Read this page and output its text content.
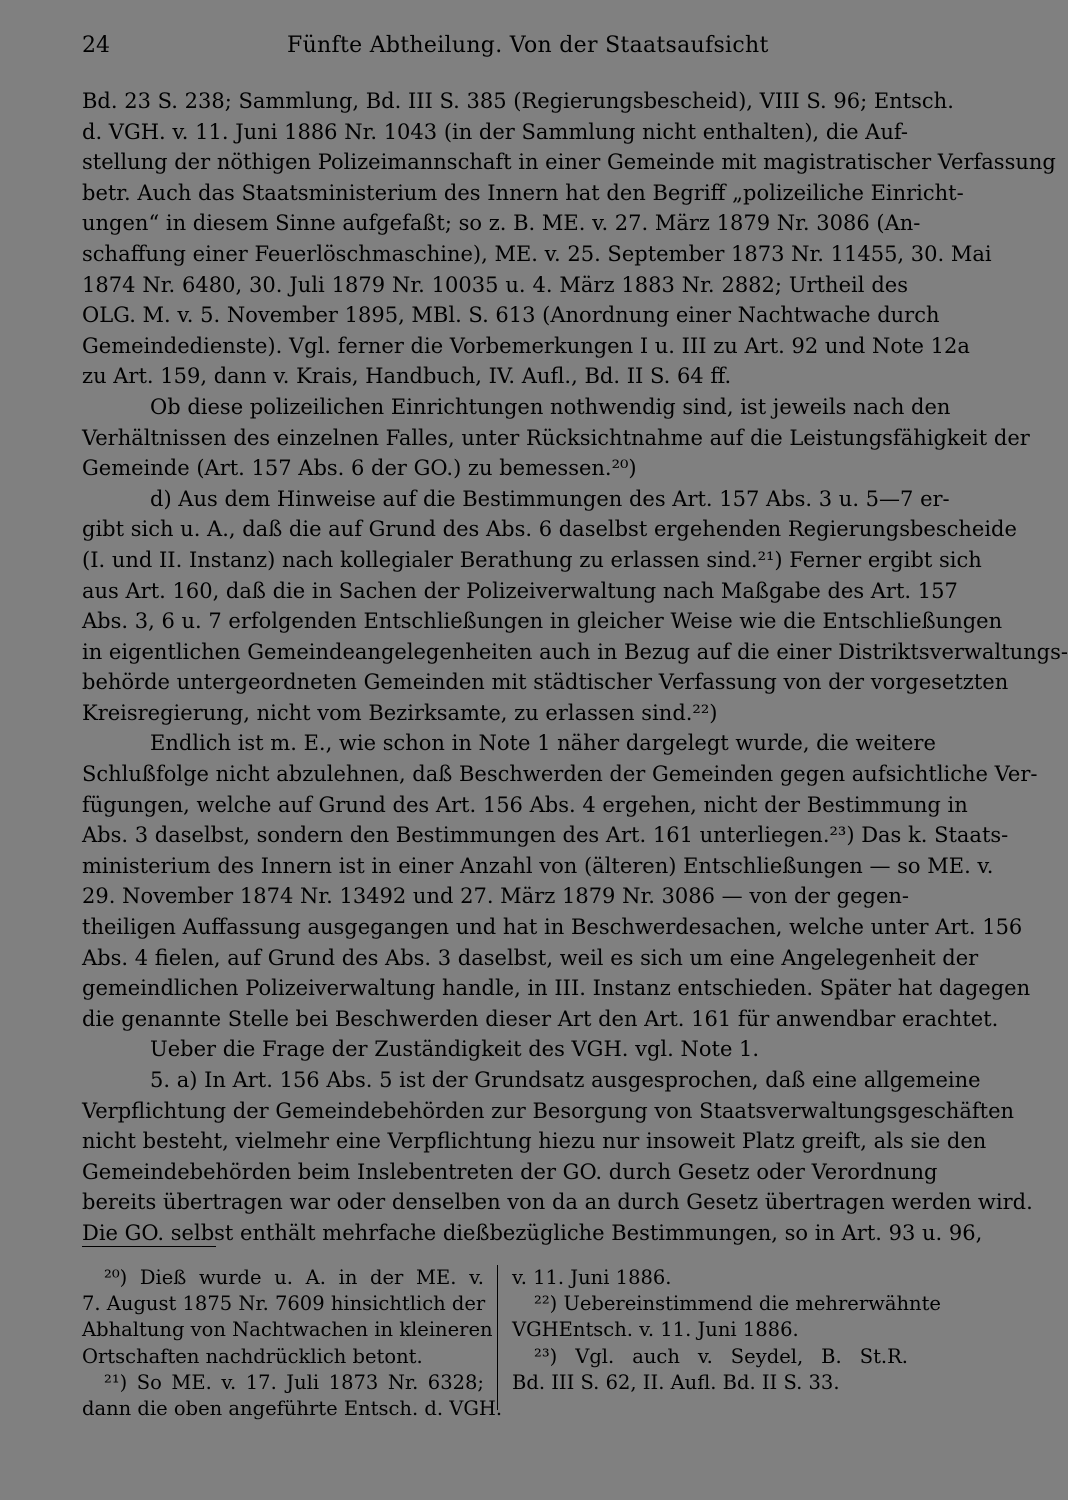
24	Fünfte Abtheilung. Von der Staatsaufsicht
Bd. 23 S. 238; Sammlung, Bd. III S. 385 (Regierungsbescheid), VIII S. 96; Entsch.
d. VGH. v. 11. Juni 1886 Nr. 1043 (in der Sammlung nicht enthalten), die Auf-
stellung der nöthigen Polizeimannschaft in einer Gemeinde mit magistratischer Verfassung
betr. Auch das Staatsministerium des Innern hat den Begriff „polizeiliche Einricht-
ungen“ in diesem Sinne aufgefaßt; so z. B. ME. v. 27. März 1879 Nr. 3086 (An-
schaffung einer Feuerlöschmaschine), ME. v. 25. September 1873 Nr. 11455, 30. Mai
1874 Nr. 6480, 30. Juli 1879 Nr. 10035 u. 4. März 1883 Nr. 2882; Urtheil des
OLG. M. v. 5. November 1895, MBl. S. 613 (Anordnung einer Nachtwache durch
Gemeindedienste). Vgl. ferner die Vorbemerkungen I u. III zu Art. 92 und Note 12a
zu Art. 159, dann v. Krais, Handbuch, IV. Aufl., Bd. II S. 64 ff.
Ob diese polizeilichen Einrichtungen nothwendig sind, ist jeweils nach den
Verhältnissen des einzelnen Falles, unter Rücksichtnahme auf die Leistungsfähigkeit der
Gemeinde (Art. 157 Abs. 6 der GO.) zu bemessen.²⁰)
d) Aus dem Hinweise auf die Bestimmungen des Art. 157 Abs. 3 u. 5—7 er-
gibt sich u. A., daß die auf Grund des Abs. 6 daselbst ergehenden Regierungsbescheide
(I. und II. Instanz) nach kollegialer Berathung zu erlassen sind.²¹) Ferner ergibt sich
aus Art. 160, daß die in Sachen der Polizeiverwaltung nach Maßgabe des Art. 157
Abs. 3, 6 u. 7 erfolgenden Entschließungen in gleicher Weise wie die Entschließungen
in eigentlichen Gemeindeangelegenheiten auch in Bezug auf die einer Distriktsverwaltungs-
behörde untergeordneten Gemeinden mit städtischer Verfassung von der vorgesetzten
Kreisregierung, nicht vom Bezirksamte, zu erlassen sind.²²)
Endlich ist m. E., wie schon in Note 1 näher dargelegt wurde, die weitere
Schlußfolge nicht abzulehnen, daß Beschwerden der Gemeinden gegen aufsichtliche Ver-
fügungen, welche auf Grund des Art. 156 Abs. 4 ergehen, nicht der Bestimmung in
Abs. 3 daselbst, sondern den Bestimmungen des Art. 161 unterliegen.²³) Das k. Staats-
ministerium des Innern ist in einer Anzahl von (älteren) Entschließungen — so ME. v.
29. November 1874 Nr. 13492 und 27. März 1879 Nr. 3086 — von der gegen-
theiligen Auffassung ausgegangen und hat in Beschwerdesachen, welche unter Art. 156
Abs. 4 fielen, auf Grund des Abs. 3 daselbst, weil es sich um eine Angelegenheit der
gemeindlichen Polizeiverwaltung handle, in III. Instanz entschieden. Später hat dagegen
die genannte Stelle bei Beschwerden dieser Art den Art. 161 für anwendbar erachtet.
Ueber die Frage der Zuständigkeit des VGH. vgl. Note 1.
5. a) In Art. 156 Abs. 5 ist der Grundsatz ausgesprochen, daß eine allgemeine
Verpflichtung der Gemeindebehörden zur Besorgung von Staatsverwaltungsgeschäften
nicht besteht, vielmehr eine Verpflichtung hiezu nur insoweit Platz greift, als sie den
Gemeindebehörden beim Inslebentreten der GO. durch Gesetz oder Verordnung
bereits übertragen war oder denselben von da an durch Gesetz übertragen werden wird.
Die GO. selbst enthält mehrfache dießbezügliche Bestimmungen, so in Art. 93 u. 96,
²⁰) Dieß wurde u. A. in der ME. v.
7. August 1875 Nr. 7609 hinsichtlich der
Abhaltung von Nachtwachen in kleineren
Ortschaften nachdrücklich betont.
²¹) So ME. v. 17. Juli 1873 Nr. 6328;
dann die oben angeführte Entsch. d. VGH.
v. 11. Juni 1886.
²²) Uebereinstimmend die mehrerwähnte
VGHEntsch. v. 11. Juni 1886.
²³) Vgl. auch v. Seydel, B. St.R.
Bd. III S. 62, II. Aufl. Bd. II S. 33.
